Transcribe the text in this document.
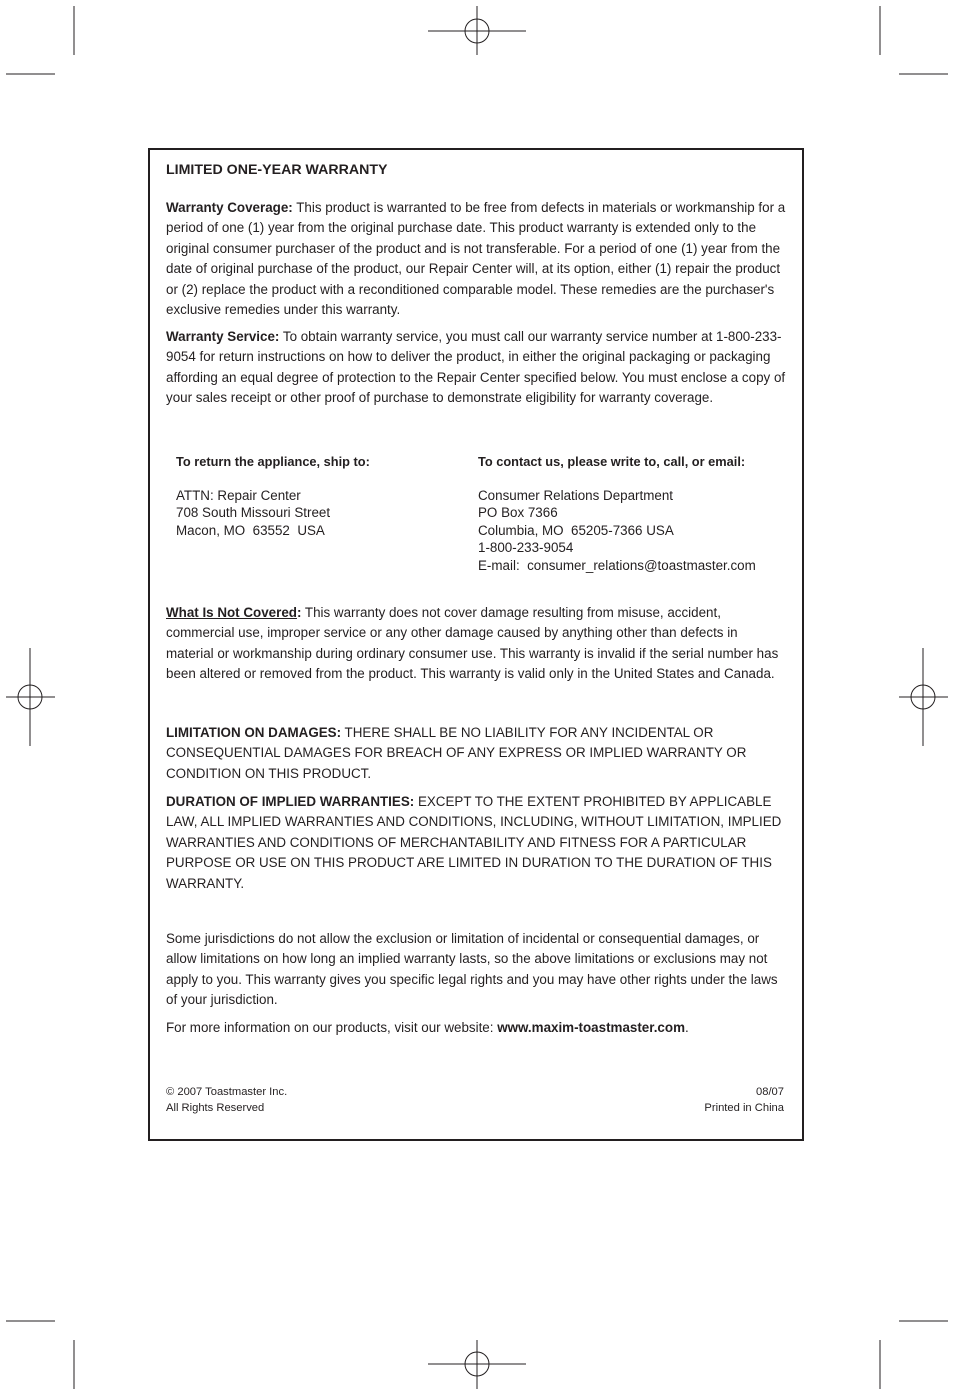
LIMITED ONE-YEAR WARRANTY

Warranty Coverage: This product is warranted to be free from defects in materials or workmanship for a period of one (1) year from the original purchase date. This product warranty is extended only to the original consumer purchaser of the product and is not transferable. For a period of one (1) year from the date of original purchase of the product, our Repair Center will, at its option, either (1) repair the product or (2) replace the product with a reconditioned comparable model. These remedies are the purchaser's exclusive remedies under this warranty.

Warranty Service: To obtain warranty service, you must call our warranty service number at 1-800-233-9054 for return instructions on how to deliver the product, in either the original packaging or packaging affording an equal degree of protection to the Repair Center specified below. You must enclose a copy of your sales receipt or other proof of purchase to demonstrate eligibility for warranty coverage.

To return the appliance, ship to:
ATTN: Repair Center
708 South Missouri Street
Macon, MO  63552  USA
To contact us, please write to, call, or email:
Consumer Relations Department
PO Box 7366
Columbia, MO  65205-7366 USA
1-800-233-9054
E-mail:  consumer_relations@toastmaster.com

What Is Not Covered: This warranty does not cover damage resulting from misuse, accident, commercial use, improper service or any other damage caused by anything other than defects in material or workmanship during ordinary consumer use. This warranty is invalid if the serial number has been altered or removed from the product. This warranty is valid only in the United States and Canada.

LIMITATION ON DAMAGES: THERE SHALL BE NO LIABILITY FOR ANY INCIDENTAL OR CONSEQUENTIAL DAMAGES FOR BREACH OF ANY EXPRESS OR IMPLIED WARRANTY OR CONDITION ON THIS PRODUCT.

DURATION OF IMPLIED WARRANTIES: EXCEPT TO THE EXTENT PROHIBITED BY APPLICABLE LAW, ALL IMPLIED WARRANTIES AND CONDITIONS, INCLUDING, WITHOUT LIMITATION, IMPLIED WARRANTIES AND CONDITIONS OF MERCHANTABILITY AND FITNESS FOR A PARTICULAR PURPOSE OR USE ON THIS PRODUCT ARE LIMITED IN DURATION TO THE DURATION OF THIS WARRANTY.

Some jurisdictions do not allow the exclusion or limitation of incidental or consequential damages, or allow limitations on how long an implied warranty lasts, so the above limitations or exclusions may not apply to you. This warranty gives you specific legal rights and you may have other rights under the laws of your jurisdiction.

For more information on our products, visit our website: www.maxim-toastmaster.com.

© 2007 Toastmaster Inc.
All Rights Reserved
08/07
Printed in China
